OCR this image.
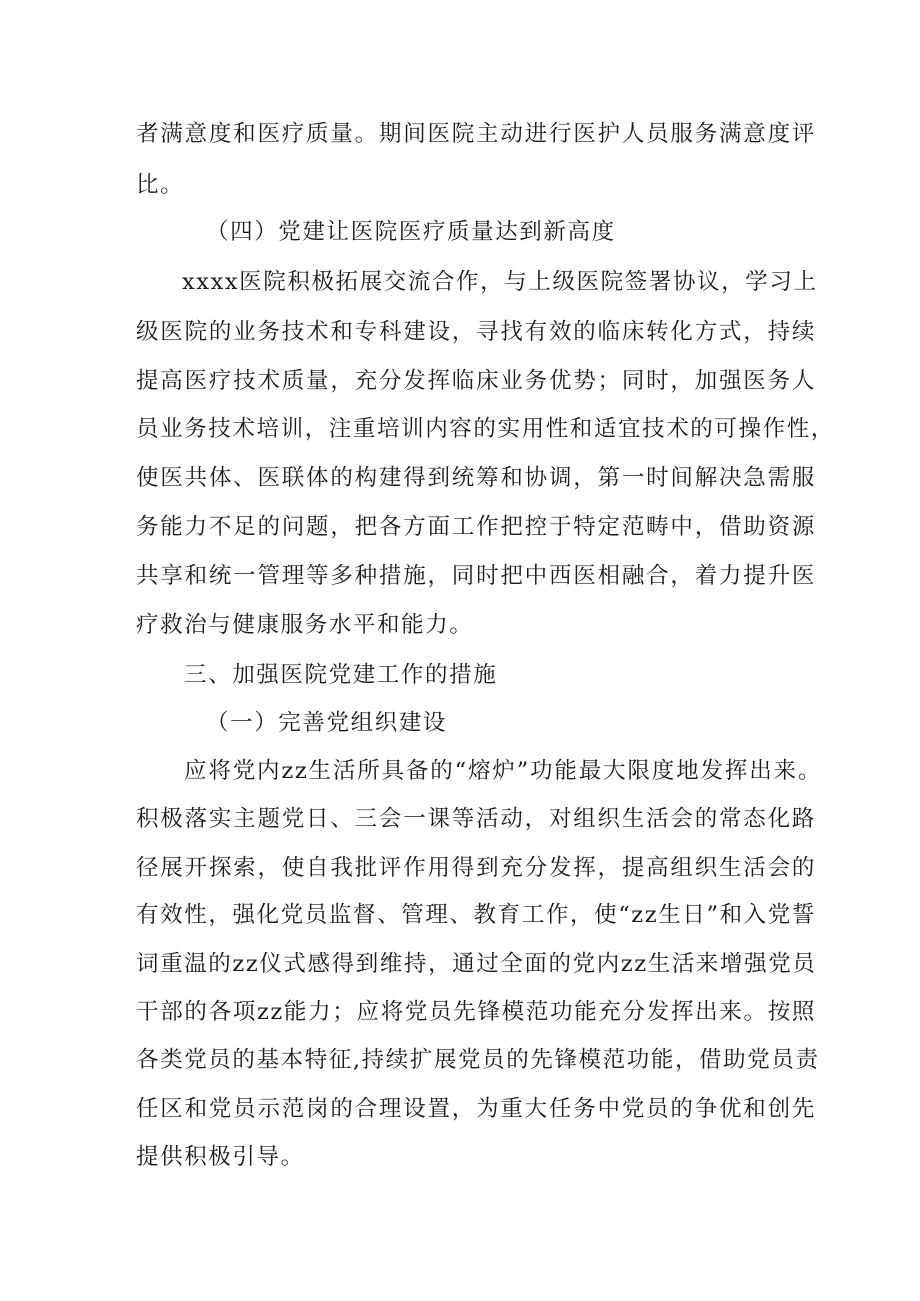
者满意度和医疗质量。期间医院主动进行医护人员服务满意度评
比。
（四）党建让医院医疗质量达到新高度
xxxx医院积极拓展交流合作，与上级医院签署协议，学习上
级医院的业务技术和专科建设，寻找有效的临床转化方式，持续
提高医疗技术质量，充分发挥临床业务优势；同时，加强医务人
员业务技术培训，注重培训内容的实用性和适宜技术的可操作性，
使医共体、医联体的构建得到统筹和协调，第一时间解决急需服
务能力不足的问题，把各方面工作把控于特定范畴中，借助资源
共享和统一管理等多种措施，同时把中西医相融合，着力提升医
疗救治与健康服务水平和能力。
三、加强医院党建工作的措施
（一）完善党组织建设
应将党内zz生活所具备的“熔炉”功能最大限度地发挥出来。
积极落实主题党日、三会一课等活动，对组织生活会的常态化路
径展开探索，使自我批评作用得到充分发挥，提高组织生活会的
有效性，强化党员监督、管理、教育工作，使“zz生日”和入党誓
词重温的zz仪式感得到维持，通过全面的党内zz生活来增强党员
干部的各项zz能力；应将党员先锋模范功能充分发挥出来。按照
各类党员的基本特征,持续扩展党员的先锋模范功能，借助党员责
任区和党员示范岗的合理设置，为重大任务中党员的争优和创先
提供积极引导。
